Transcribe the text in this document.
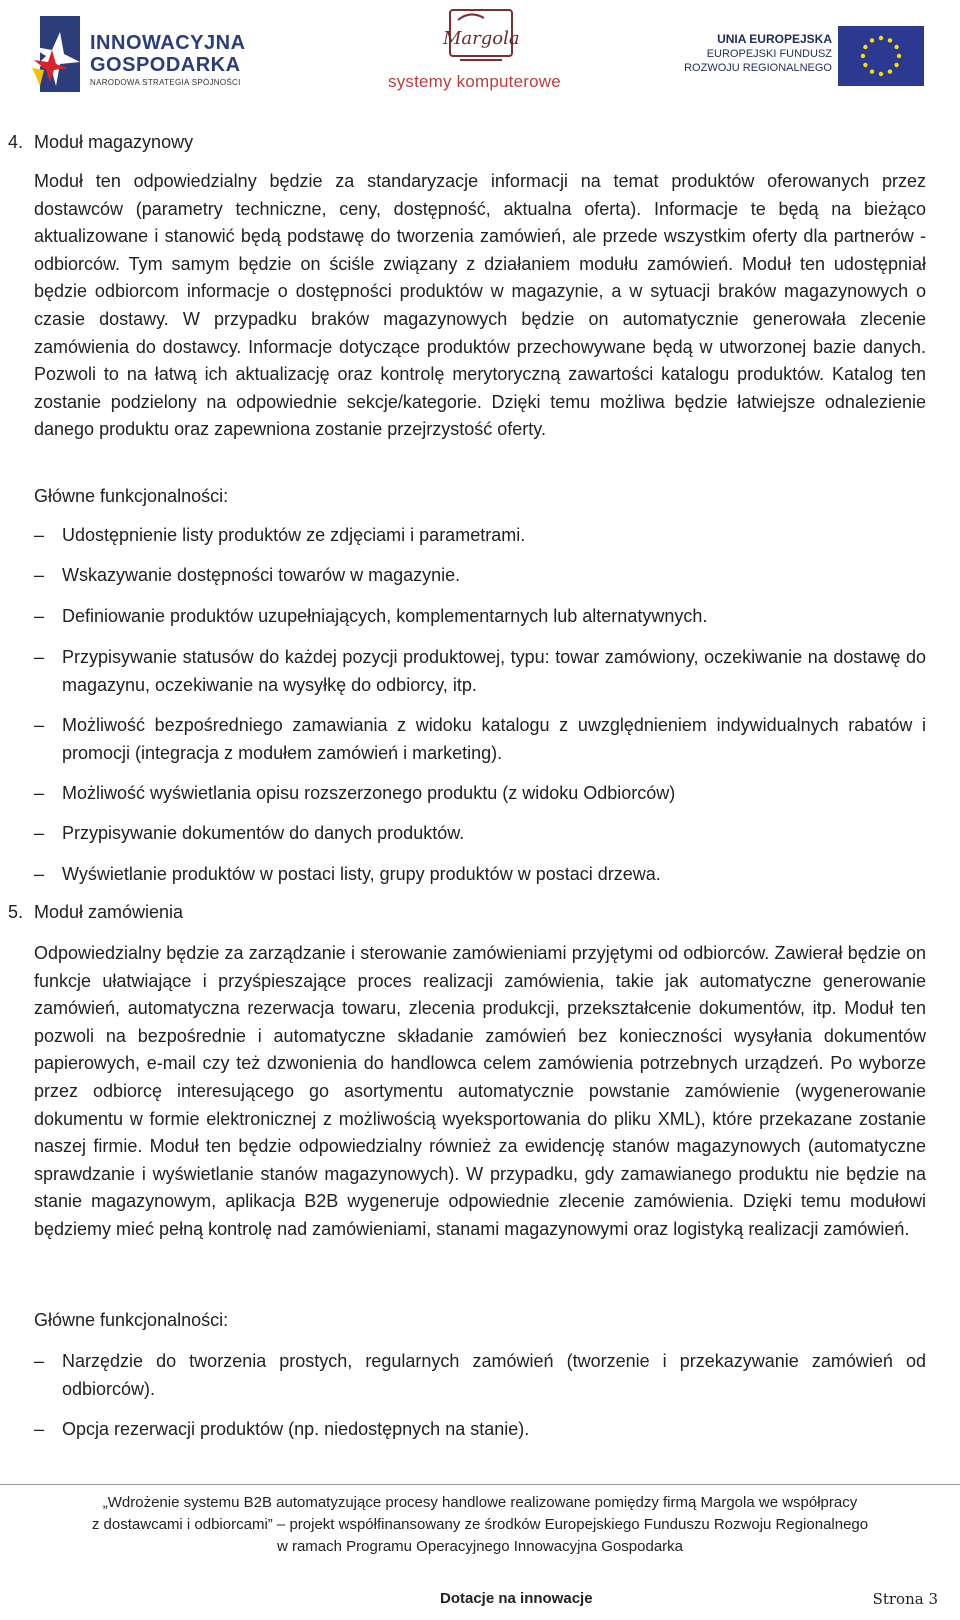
INNOWACYJNA
GOSPODARKA
NARODOWA STRATEGIA SPÓJNOŚCI
Margola
systemy komputerowe
UNIA EUROPEJSKA
EUROPEJSKI FUNDUSZ
ROZWOJU REGIONALNEGO
4. Moduł magazynowy
Moduł ten odpowiedzialny będzie za standaryzacje informacji na temat produktów oferowanych przez dostawców (parametry techniczne, ceny, dostępność, aktualna oferta). Informacje te będą na bieżąco aktualizowane i stanowić będą podstawę do tworzenia zamówień, ale przede wszystkim oferty dla partnerów - odbiorców. Tym samym będzie on ściśle związany z działaniem modułu zamówień. Moduł ten udostępniał będzie odbiorcom informacje o dostępności produktów w magazynie, a w sytuacji braków magazynowych o czasie dostawy. W przypadku braków magazynowych będzie on automatycznie generowała zlecenie zamówienia do dostawcy. Informacje dotyczące produktów przechowywane będą w utworzonej bazie danych. Pozwoli to na łatwą ich aktualizację oraz kontrolę merytoryczną zawartości katalogu produktów. Katalog ten zostanie podzielony na odpowiednie sekcje/kategorie. Dzięki temu możliwa będzie łatwiejsze odnalezienie danego produktu oraz zapewniona zostanie przejrzystość oferty.
Główne funkcjonalności:
– Udostępnienie listy produktów ze zdjęciami i parametrami.
– Wskazywanie dostępności towarów w magazynie.
– Definiowanie produktów uzupełniających, komplementarnych lub alternatywnych.
– Przypisywanie statusów do każdej pozycji produktowej, typu: towar zamówiony, oczekiwanie na dostawę do magazynu, oczekiwanie na wysyłkę do odbiorcy, itp.
– Możliwość bezpośredniego zamawiania z widoku katalogu z uwzględnieniem indywidualnych rabatów i promocji (integracja z modułem zamówień i marketing).
– Możliwość wyświetlania opisu rozszerzonego produktu (z widoku Odbiorców)
– Przypisywanie dokumentów do danych produktów.
– Wyświetlanie produktów w postaci listy, grupy produktów w postaci drzewa.
5. Moduł zamówienia
Odpowiedzialny będzie za zarządzanie i sterowanie zamówieniami przyjętymi od odbiorców. Zawierał będzie on funkcje ułatwiające i przyśpieszające proces realizacji zamówienia, takie jak automatyczne generowanie zamówień, automatyczna rezerwacja towaru, zlecenia produkcji, przekształcenie dokumentów, itp. Moduł ten pozwoli na bezpośrednie i automatyczne składanie zamówień bez konieczności wysyłania dokumentów papierowych, e-mail czy też dzwonienia do handlowca celem zamówienia potrzebnych urządzeń. Po wyborze przez odbiorcę interesującego go asortymentu automatycznie powstanie zamówienie (wygenerowanie dokumentu w formie elektronicznej z możliwością wyeksportowania do pliku XML), które przekazane zostanie naszej firmie. Moduł ten będzie odpowiedzialny również za ewidencję stanów magazynowych (automatyczne sprawdzanie i wyświetlanie stanów magazynowych). W przypadku, gdy zamawianego produktu nie będzie na stanie magazynowym, aplikacja B2B wygeneruje odpowiednie zlecenie zamówienia. Dzięki temu modułowi będziemy mieć pełną kontrolę nad zamówieniami, stanami magazynowymi oraz logistyką realizacji zamówień.
Główne funkcjonalności:
– Narzędzie do tworzenia prostych, regularnych zamówień (tworzenie i przekazywanie zamówień od odbiorców).
– Opcja rezerwacji produktów (np. niedostępnych na stanie).
„Wdrożenie systemu B2B automatyzujące procesy handlowe realizowane pomiędzy firmą Margola we współpracy
z dostawcami i odbiorcami” – projekt współfinansowany ze środków Europejskiego Funduszu Rozwoju Regionalnego
w ramach Programu Operacyjnego Innowacyjna Gospodarka
Dotacje na innowacje	Strona 3
